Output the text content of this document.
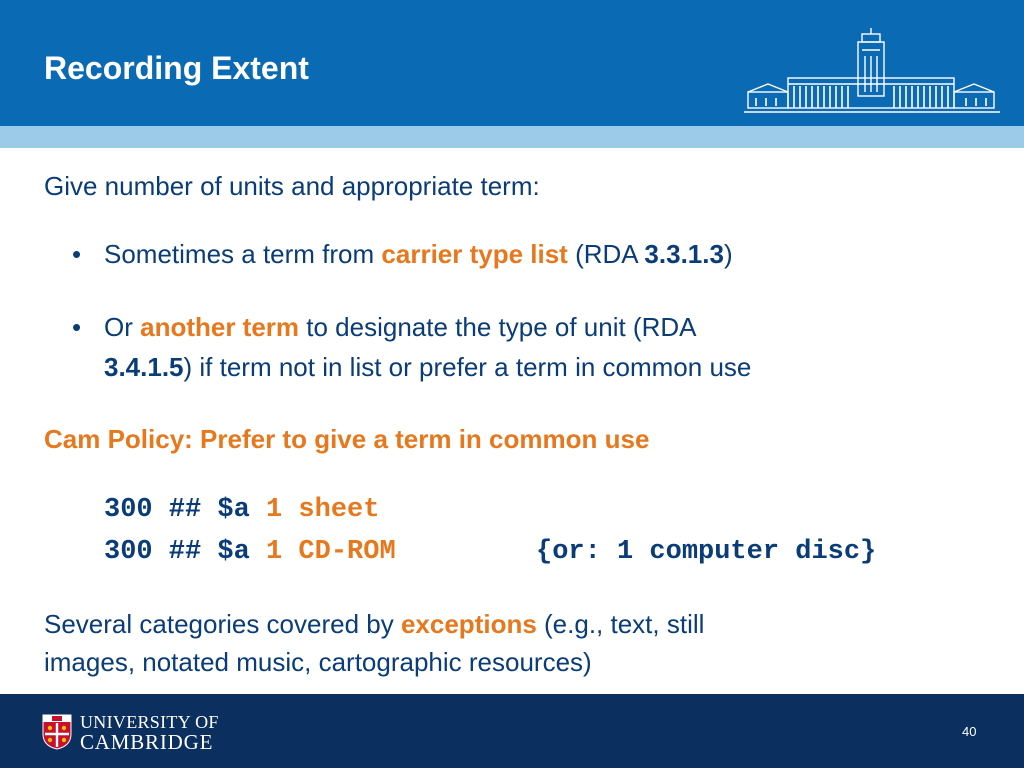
Recording Extent
Give number of units and appropriate term:
• Sometimes a term from carrier type list (RDA 3.3.1.3)
• Or another term to designate the type of unit (RDA
3.4.1.5) if term not in list or prefer a term in common use
Cam Policy: Prefer to give a term in common use
300 ## $a 1 sheet
300 ## $a 1 CD-ROM	{or: 1 computer disc}
Several categories covered by exceptions (e.g., text, still
images, notated music, cartographic resources)
UNIVERSITY OF
CAMBRIDGE	40
